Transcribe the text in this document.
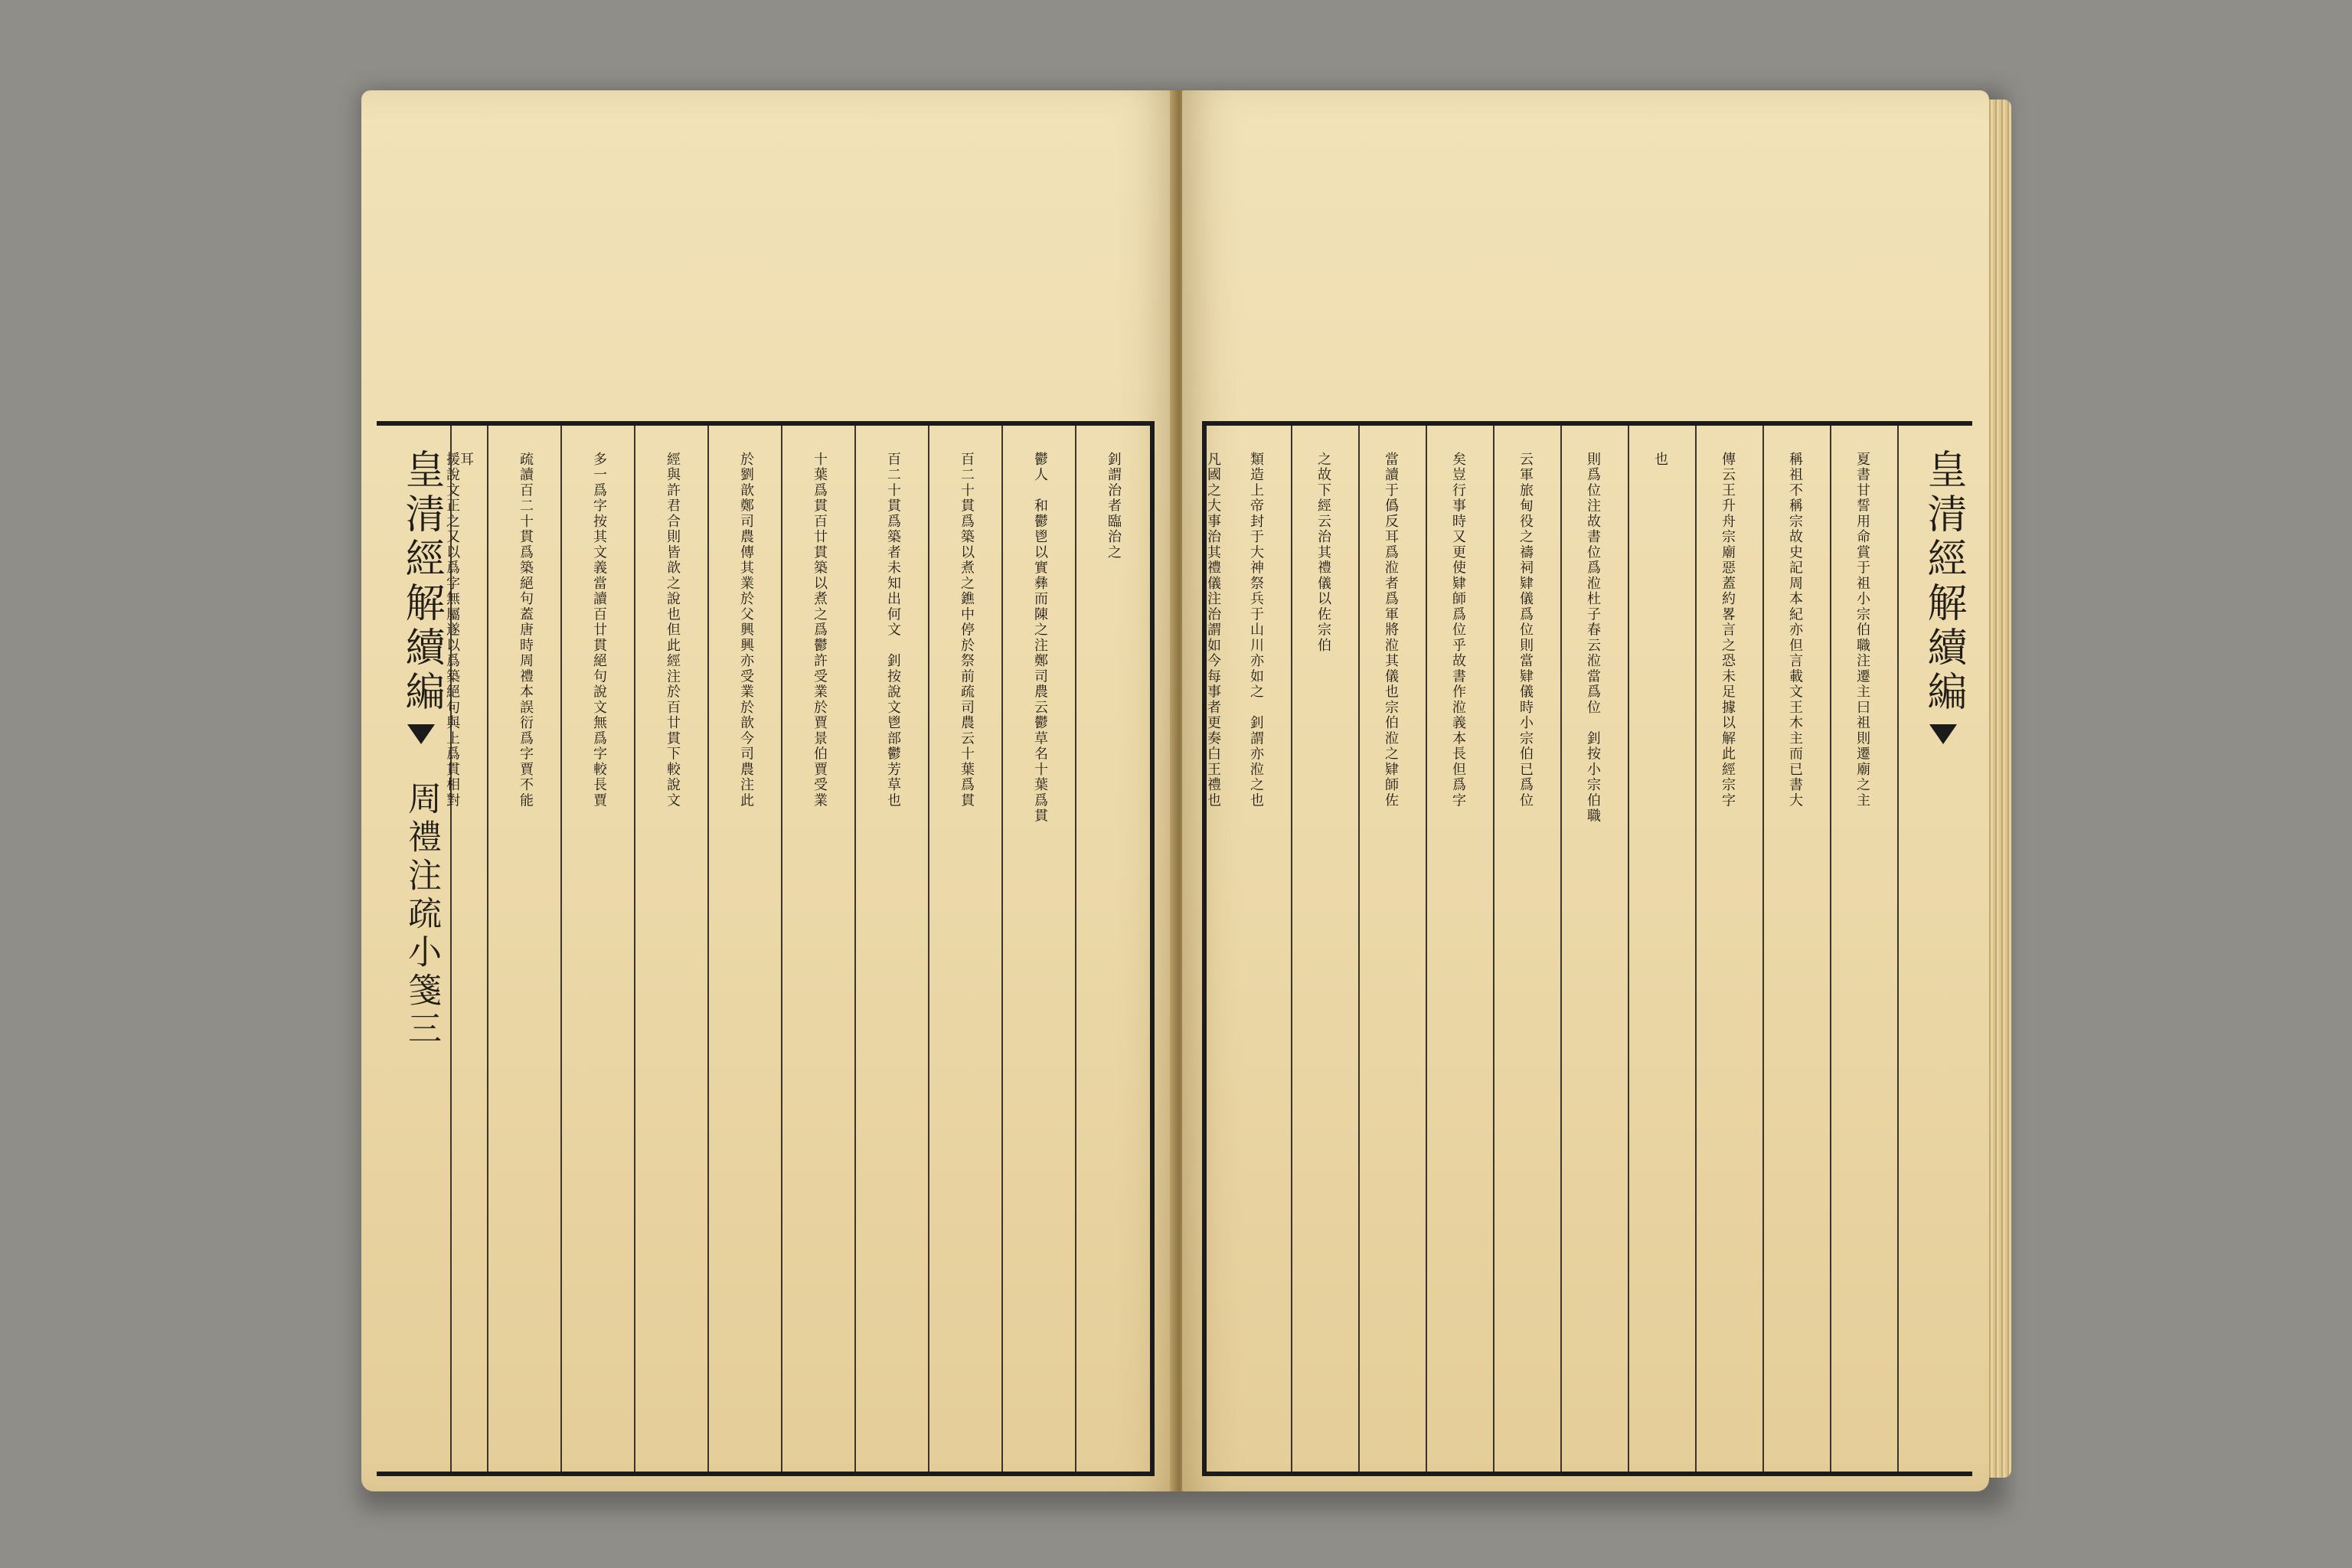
皇清經解續編周禮注疏小箋三
釗謂治者臨治之
鬱人　和鬱鬯以實彝而陳之注鄭司農云鬱草名十葉爲貫
百二十貫爲築以煮之鐎中停於祭前疏司農云十葉爲貫
百二十貫爲築者未知出何文　釗按說文鬯部鬱芳草也
十葉爲貫百廿貫築以煮之爲鬱許受業於賈景伯賈受業
於劉歆鄭司農傳其業於父興興亦受業於歆今司農注此
經與許君合則皆歆之說也但此經注於百廿貫下較說文
多一爲字按其文義當讀百廿貫絕句說文無爲字較長賈
疏讀百二十貫爲築絕句蓋唐時周禮本誤衍爲字賈不能
援說文正之又以爲字無屬遂以爲築絕句與上爲貫相對
耳	皇清經解續編
夏書甘誓用命賞于祖小宗伯職注遷主曰祖則遷廟之主
稱祖不稱宗故史記周本紀亦但言載文王木主而已書大
傳云王升舟宗廟惡蓋約畧言之恐未足據以解此經宗字
也
則爲位注故書位爲涖杜子春云涖當爲位　釗按小宗伯職
云軍旅甸役之禱祠肄儀爲位則當肄儀時小宗伯已爲位
矣豈行事時又更使肄師爲位乎故書作涖義本長但爲字
當讀于僞反耳爲涖者爲軍將涖其儀也宗伯涖之肄師佐
之故下經云治其禮儀以佐宗伯
類造上帝封于大神祭兵于山川亦如之　釗謂亦涖之也
凡國之大事治其禮儀注治謂如今每事者更奏白王禮也
